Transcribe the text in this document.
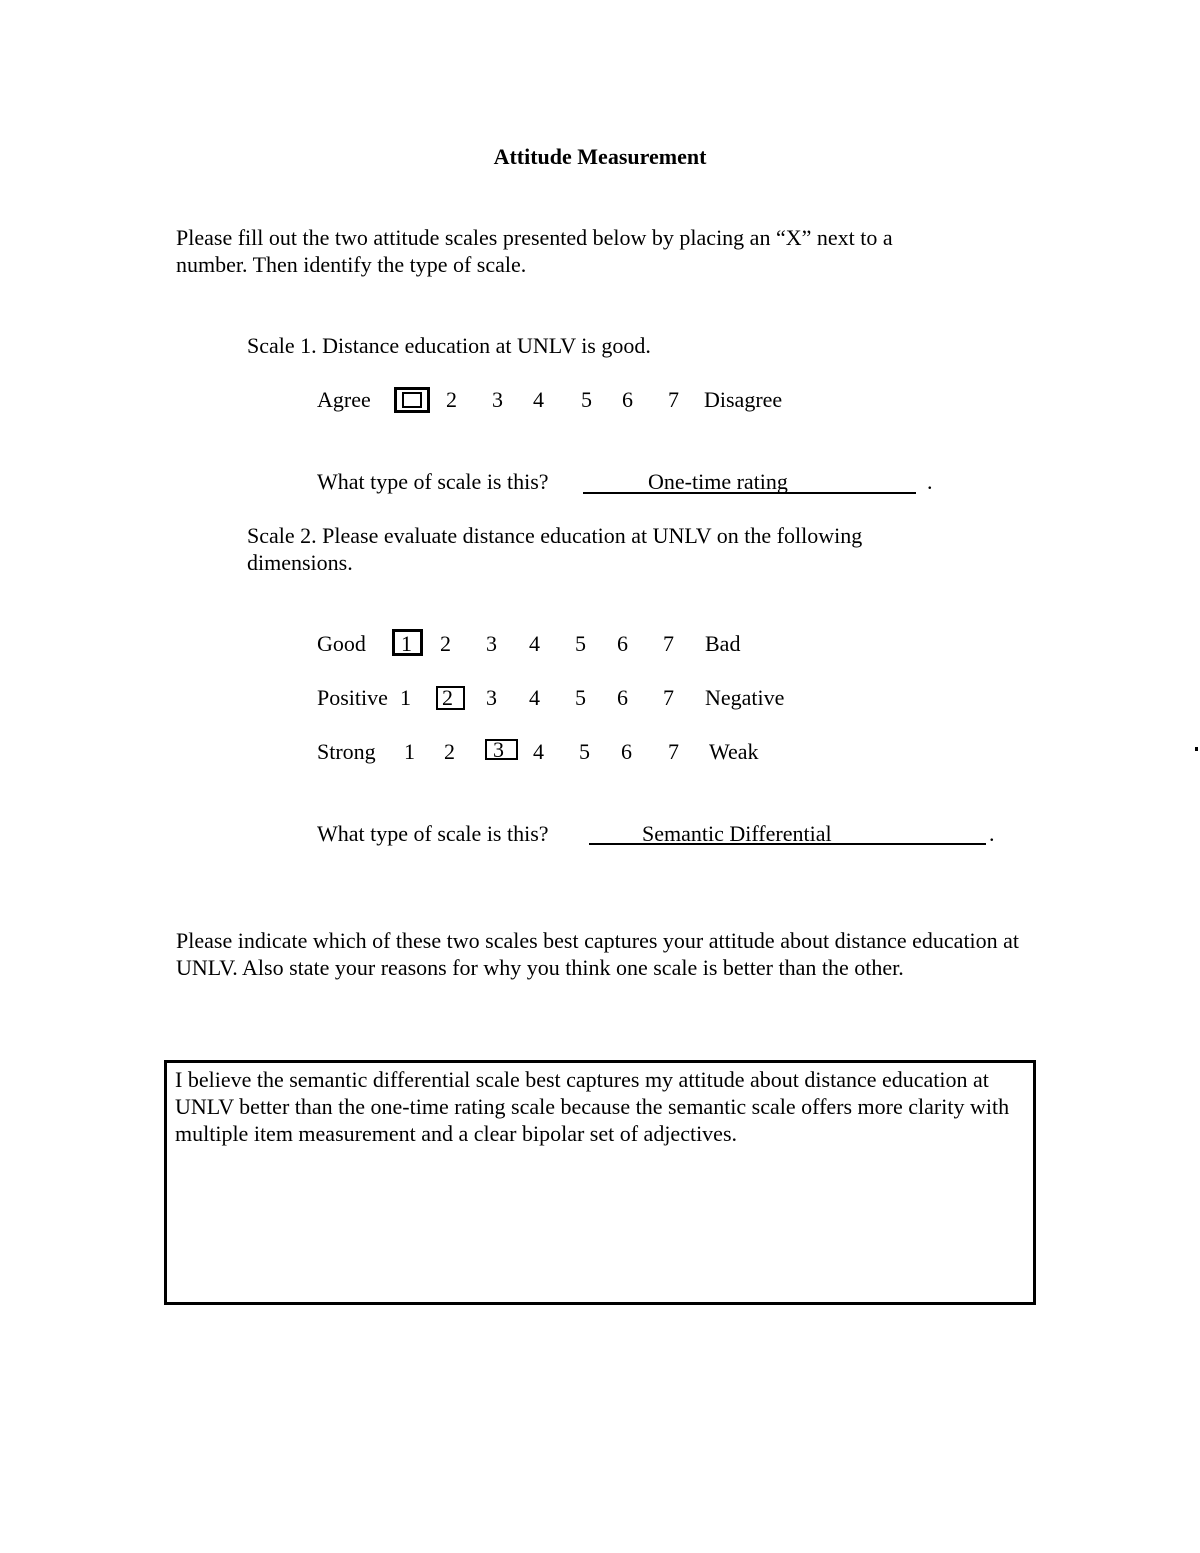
Attitude Measurement
Please fill out the two attitude scales presented below by placing an “X” next to a number. Then identify the type of scale.
Scale 1. Distance education at UNLV is good.
Agree	2 3 4 5 6 7 Disagree
What type of scale is this?	One-time rating	.
Scale 2. Please evaluate distance education at UNLV on the following dimensions.
Good 1 2 3 4 5 6 7 Bad
Positive 1 2 3 4 5 6 7 Negative
Strong 1 2 3 4 5 6 7 Weak
What type of scale is this?	Semantic Differential	.
Please indicate which of these two scales best captures your attitude about distance education at UNLV. Also state your reasons for why you think one scale is better than the other.
I believe the semantic differential scale best captures my attitude about distance education at UNLV better than the one-time rating scale because the semantic scale offers more clarity with multiple item measurement and a clear bipolar set of adjectives.
